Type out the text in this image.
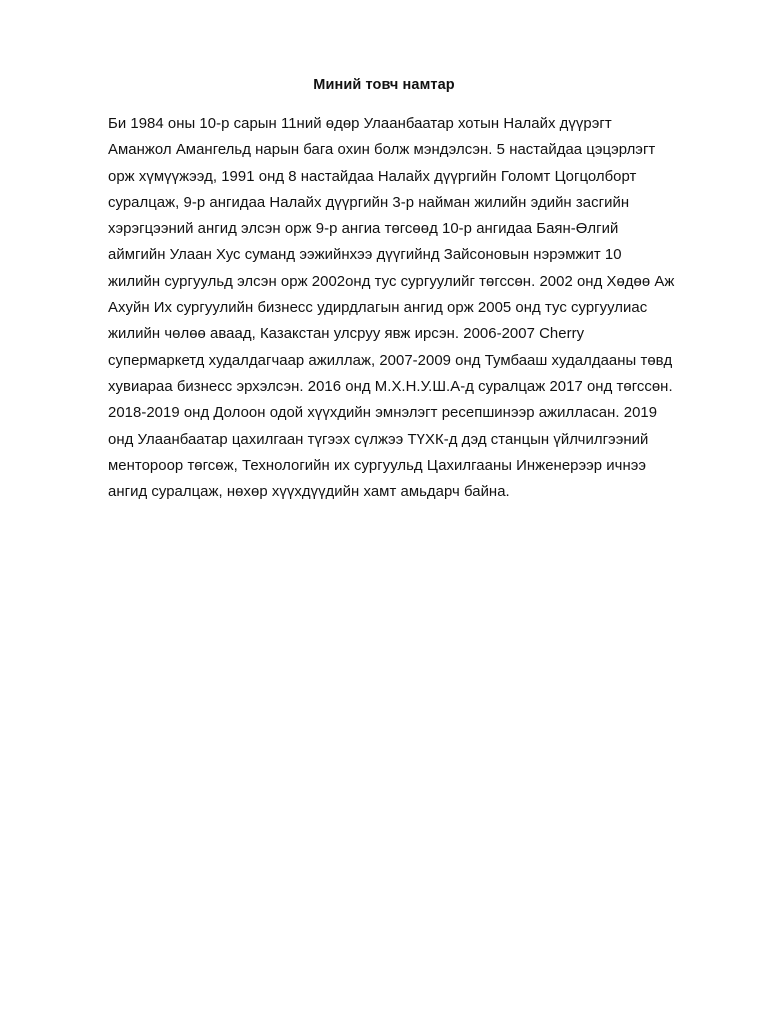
Миний товч намтар

Би 1984 оны 10-р сарын 11ний өдөр Улаанбаатар хотын Налайх дүүрэгт
Аманжол Амангельд нарын бага охин болж мэндэлсэн. 5 настайдаа цэцэрлэгт
орж хүмүүжээд, 1991 онд 8 настайдаа Налайх дүүргийн Голомт Цогцолборт
суралцаж, 9-р ангидаа Налайх дүүргийн 3-р найман жилийн эдийн засгийн
хэрэгцээний ангид элсэн орж 9-р ангиа төгсөөд 10-р ангидаа Баян-Өлгий
аймгийн Улаан Хус сумaнд ээжийнхээ дүүгийнд Зайсоновын нэрэмжит 10
жилийн сургуульд элсэн орж 2002онд тус сургуулийг төгссөн. 2002 онд Хөдөө Аж
Ахуйн Их сургуулийн бизнесс удирдлагын ангид орж 2005 онд тус сургуулиас
жилийн чөлөө аваад, Казакстан улсруу явж ирсэн. 2006-2007 Cherry
супермаркетд худалдагчаар ажиллаж, 2007-2009 онд Тумбааш худалдааны төвд
хувиараа бизнесс эрхэлсэн. 2016 онд М.Х.Н.У.Ш.А-д суралцаж 2017 онд төгссөн.
2018-2019 онд Долоон одой хүүхдийн эмнэлэгт ресепшинээр ажилласан. 2019
онд Улаанбаатар цахилгаан түгээх сүлжээ ТҮХК-д дэд станцын үйлчилгээний
ментороор төгсөж, Технологийн их сургуульд Цахилгааны Инженерээр ичнээ
ангид суралцаж, нөхөр хүүхдүүдийн хамт амьдарч байна.
